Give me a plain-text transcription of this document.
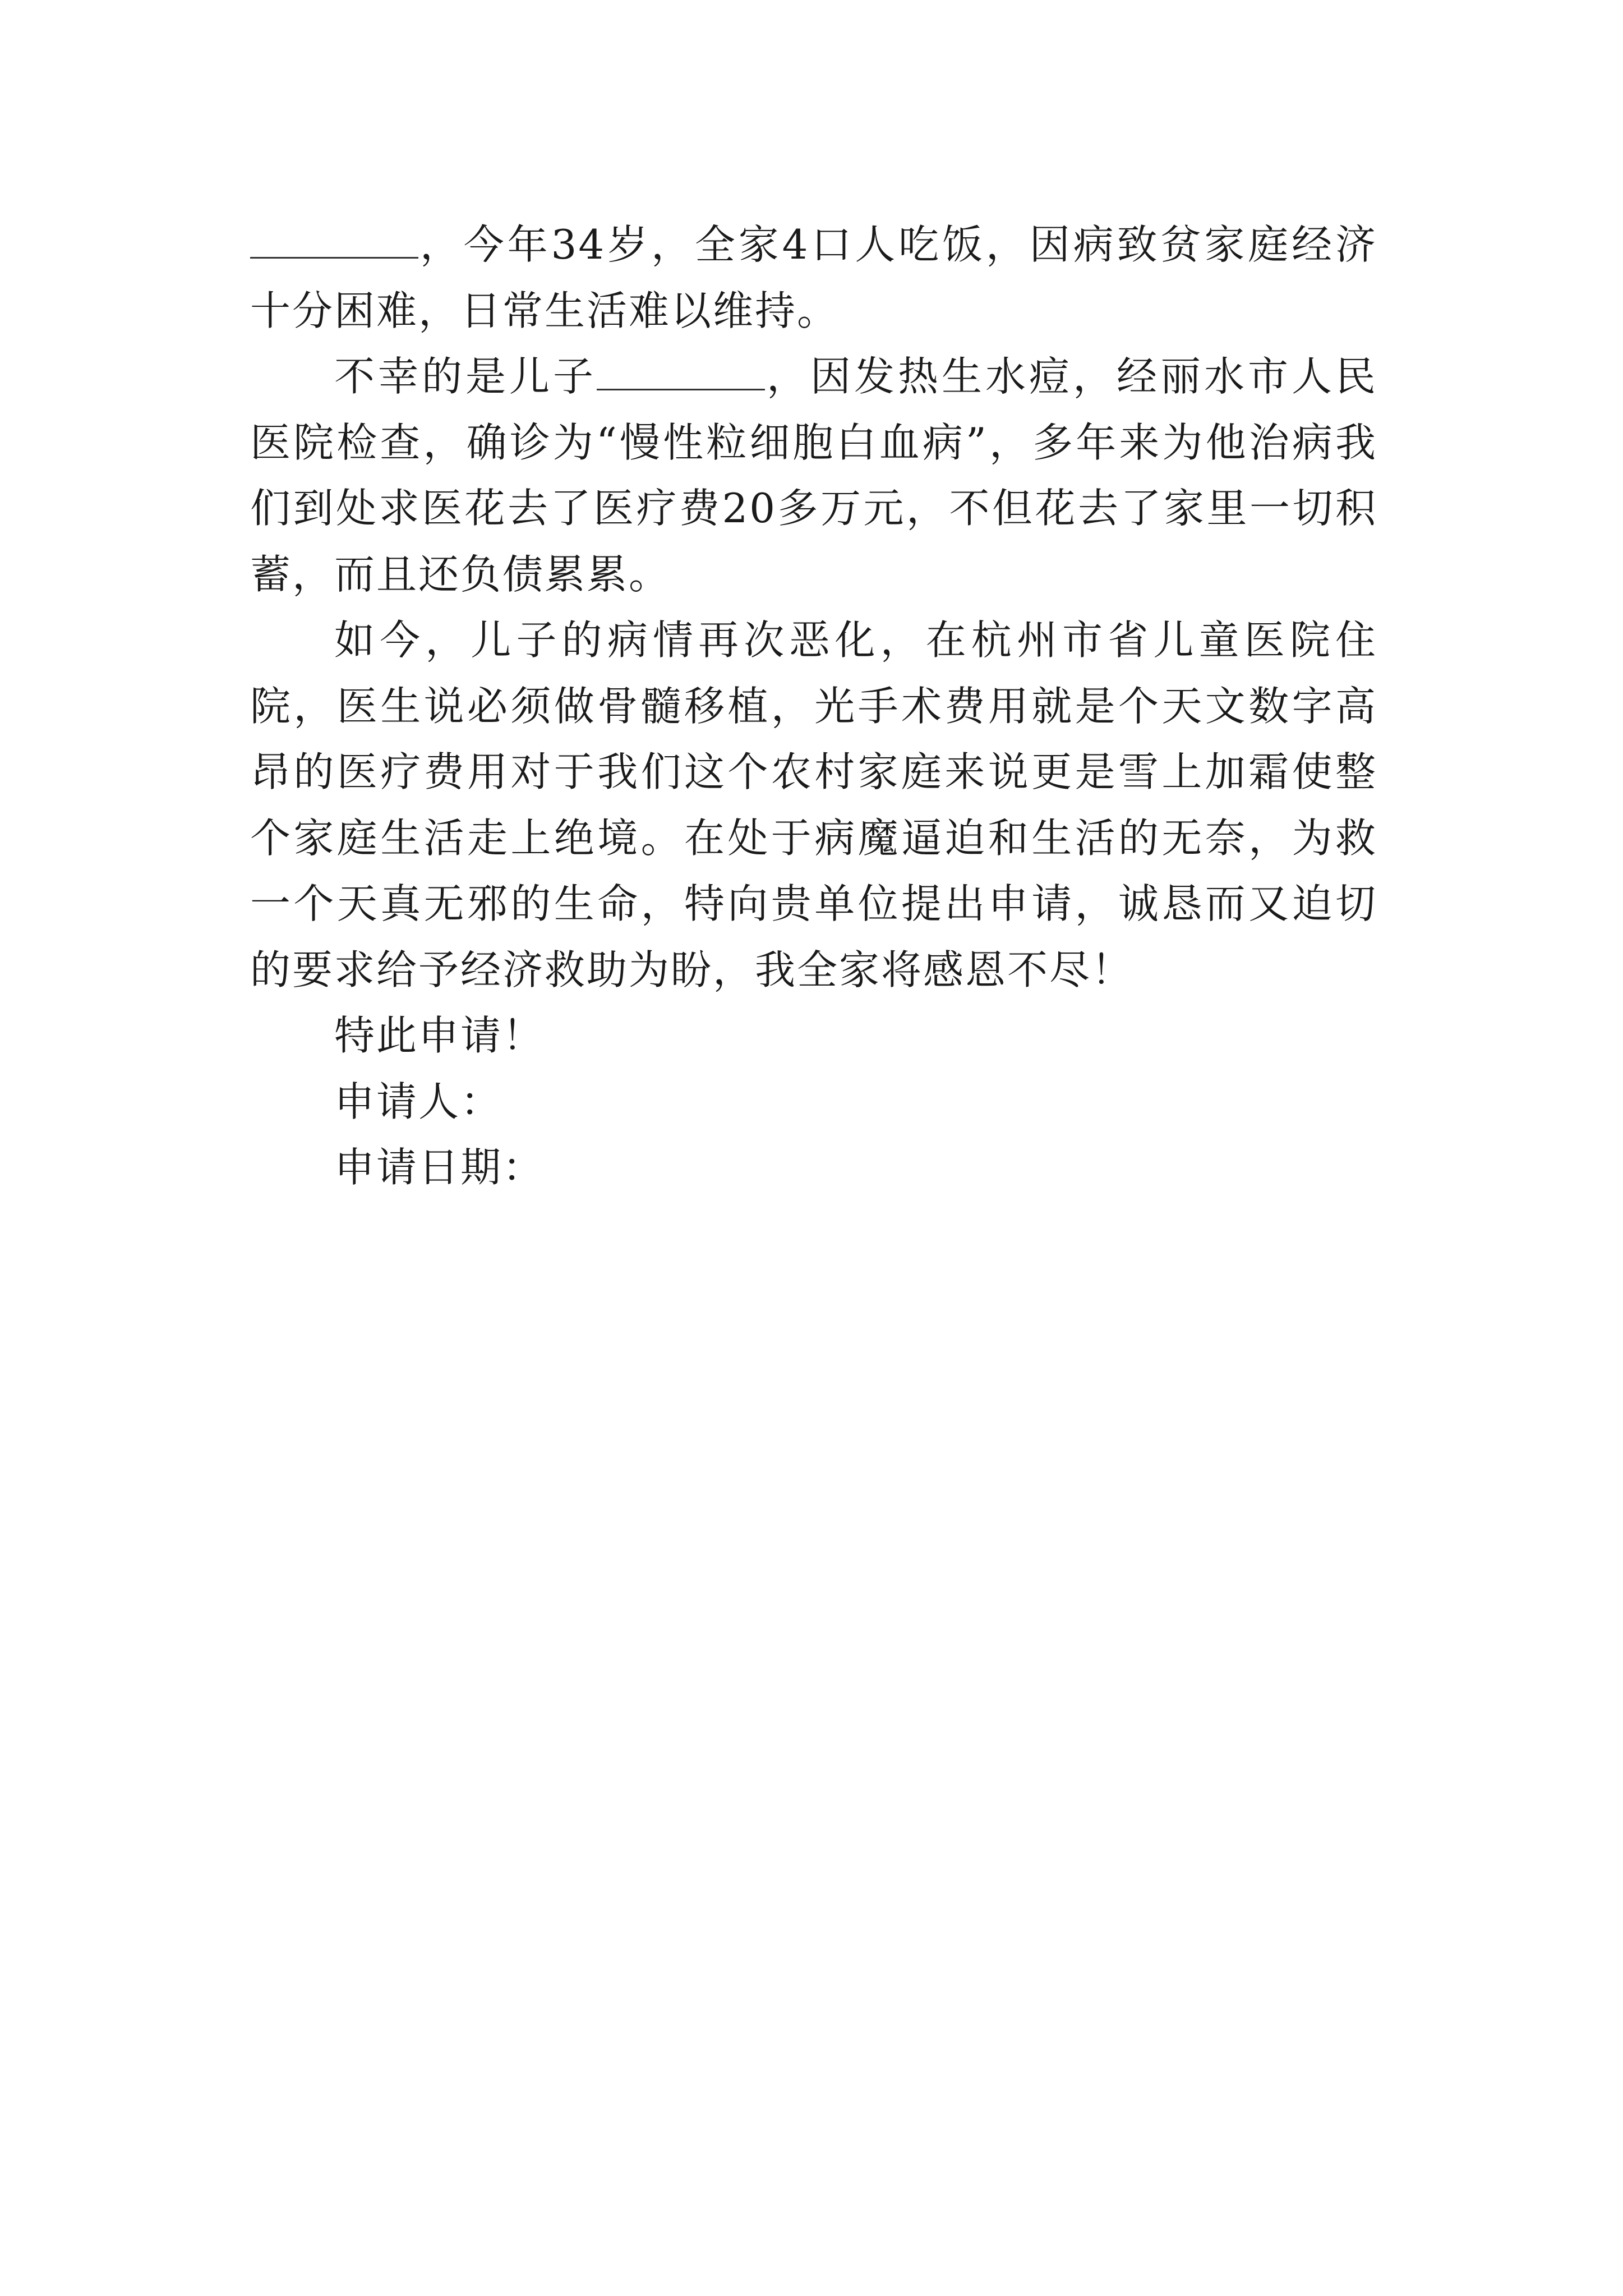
，今年34岁，全家4口人吃饭，因病致贫家庭经济十分困难，日常生活难以维持。

不幸的是儿子	，因发热生水痘，经丽水市人民医院检查，确诊为“慢性粒细胞白血病”，多年来为他治病我们到处求医花去了医疗费20多万元，不但花去了家里一切积蓄，而且还负债累累。

如今，儿子的病情再次恶化，在杭州市省儿童医院住院，医生说必须做骨髓移植，光手术费用就是个天文数字高昂的医疗费用对于我们这个农村家庭来说更是雪上加霜使整个家庭生活走上绝境。在处于病魔逼迫和生活的无奈，为救一个天真无邪的生命，特向贵单位提出申请，诚恳而又迫切的要求给予经济救助为盼，我全家将感恩不尽！

特此申请！

申请人：

申请日期：
